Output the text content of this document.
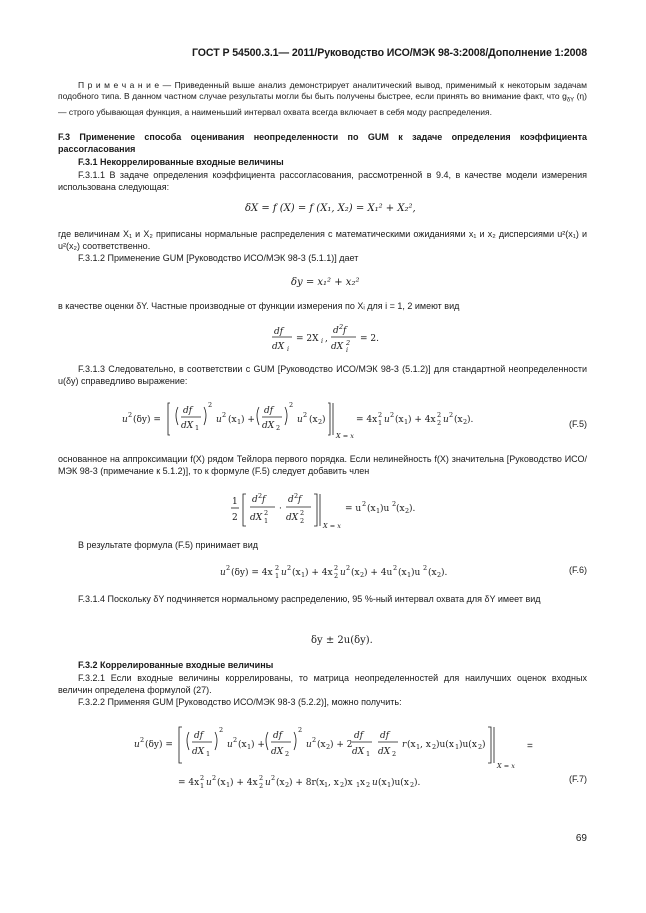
ГОСТ Р 54500.3.1— 2011/Руководство ИСО/МЭК 98-3:2008/Дополнение 1:2008
П р и м е ч а н и е — Приведенный выше анализ демонстрирует аналитический вывод, применимый к некоторым задачам подобного типа. В данном частном случае результаты могли бы быть получены быстрее, если принять во внимание факт, что $g_{\delta Y}$ (η) — строго убывающая функция, а наименьший интервал охвата всегда включает в себя моду распределения.
F.3 Применение способа оценивания неопределенности по GUM к задаче определения коэффициента рассогласования
F.3.1 Некоррелированные входные величины
F.3.1.1 В задаче определения коэффициента рассогласования, рассмотренной в 9.4, в качестве модели измерения использована следующая:
δX = f (X) = f (X₁, X₂) = X₁² + X₂²,
где величинам X₁ и X₂ приписаны нормальные распределения с математическими ожиданиями x₁ и x₂ дисперсиями u²(x₁) и u²(x₂) соответственно.
F.3.1.2 Применение GUM [Руководство ИСО/МЭК 98-3 (5.1.1)] дает
δy = x₁² + x₂²
в качестве оценки δY. Частные производные от функции измерения по Xᵢ для i = 1, 2 имеют вид
df
dX i
= 2X i ,
d 2 f
dX 2
i
= 2.
F.3.1.3 Следовательно, в соответствии с GUM [Руководство ИСО/МЭК 98-3 (5.1.2)] для стандартной неопределенности u(δy) справедливо выражение:
u 2 (δy) =
df
dX 1
2
u 2 (x 1 ) +
df
dX 2
2
u 2 (x 2 )
X = x
= 4x 2
1 u 2 (x 1 ) + 4x 2
2 u 2 (x 2 ).	(F.5)
основанное на аппроксимации f(X) рядом Тейлора первого порядка. Если нелинейность f(X) значительна [Руководство ИСО/МЭК 98-3 (примечание к 5.1.2)], то к формуле (F.5) следует добавить член
1
2
d 2 f
dX 2
1
·
d 2 f
dX 2
2
X = x
= u 2 (x 1 )u 2 (x 2 ).
В результате формула (F.5) принимает вид
u 2 (δy) = 4x 2
1 u 2 (x 1 ) + 4x 2
2 u 2 (x 2 ) + 4u 2 (x 1 )u 2 (x 2 ).	(F.6)
F.3.1.4 Поскольку δY подчиняется нормальному распределению, 95 %-ный интервал охвата для δY имеет вид
δy ± 2u(δy).
F.3.2 Коррелированные входные величины
F.3.2.1 Если входные величины коррелированы, то матрица неопределенностей для наилучших оценок входных величин определена формулой (27).
F.3.2.2 Применяя GUM [Руководство ИСО/МЭК 98-3 (5.2.2)], можно получить:
u 2 (δy) =
df
dX 1
2
u 2 (x 1 ) +
df
dX 2
2
u 2 (x 2 ) + 2
df
dX 1
df
dX 2
r (x 1 , x 2 )u(x 1 )u(x 2 )
X = x
=
= 4x 2
1 u 2 (x 1 ) + 4x 2
2 u 2 (x 2 ) + 8r(x 1 , x 2 )x 1 x 2 u (x 1 )u(x 2 ).	(F.7)
69
